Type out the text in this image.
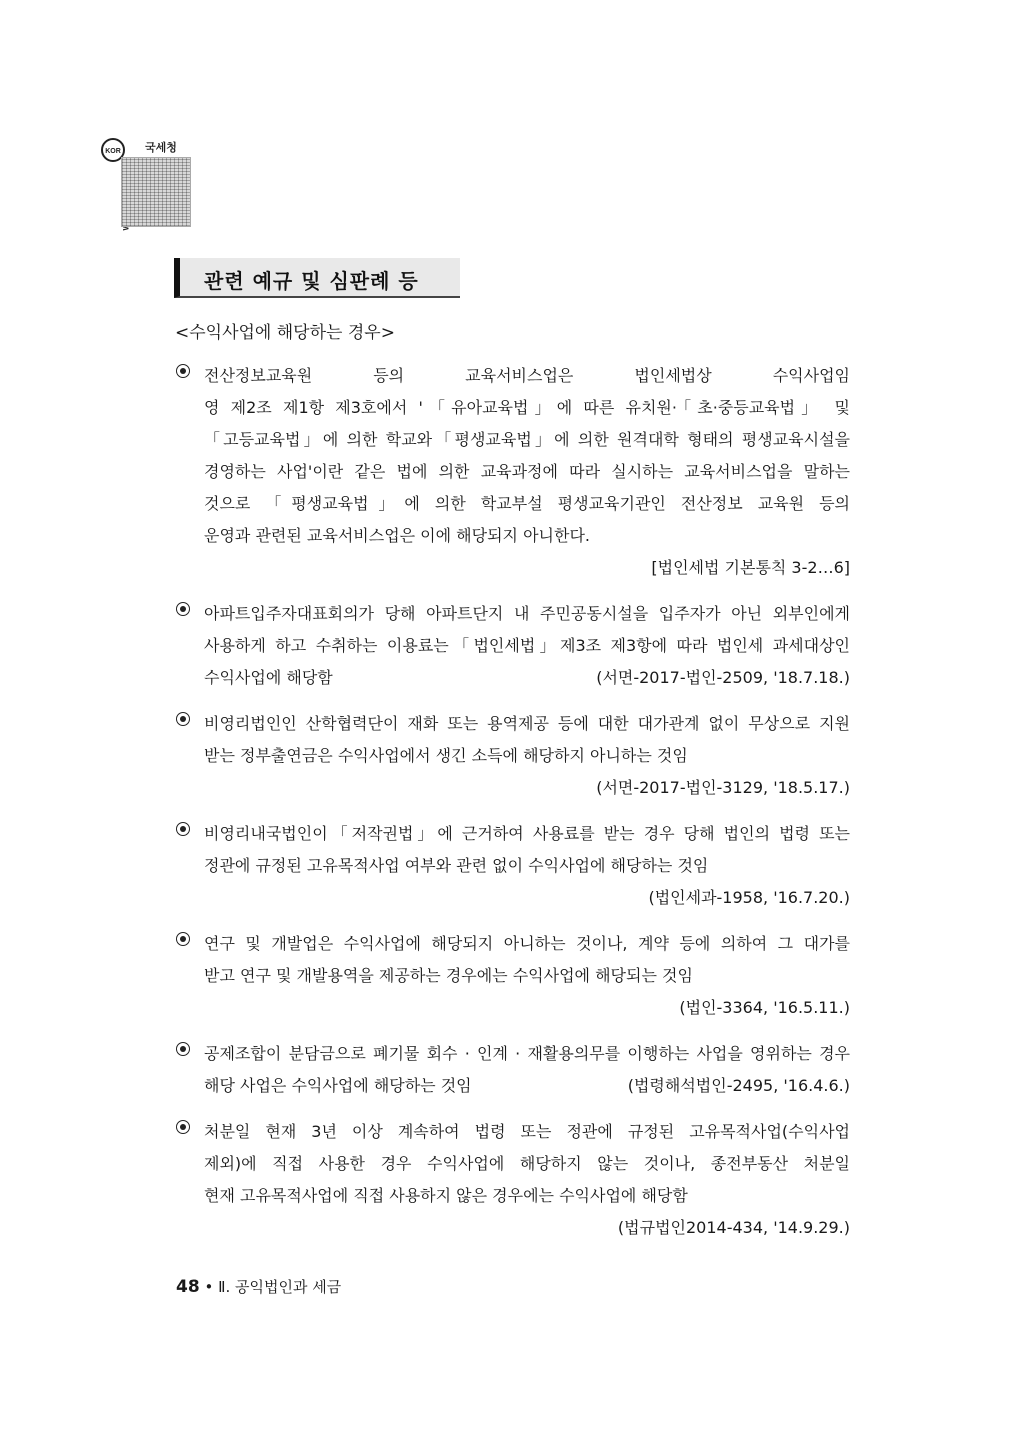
KOR 국세청
관련 예규 및 심판례 등
<수익사업에 해당하는 경우>
전산정보교육원 등의 교육서비스업은 법인세법상 수익사업임
영 제2조 제1항 제3호에서 '「유아교육법」에 따른 유치원·「초·중등교육법」 및
「고등교육법」에 의한 학교와「평생교육법」에 의한 원격대학 형태의 평생교육시설을
경영하는 사업'이란 같은 법에 의한 교육과정에 따라 실시하는 교육서비스업을 말하는
것으로 「평생교육법」에 의한 학교부설 평생교육기관인 전산정보 교육원 등의
운영과 관련된 교육서비스업은 이에 해당되지 아니한다.
[법인세법 기본통칙 3-2…6]
아파트입주자대표회의가 당해 아파트단지 내 주민공동시설을 입주자가 아닌 외부인에게
사용하게 하고 수취하는 이용료는「법인세법」제3조 제3항에 따라 법인세 과세대상인
수익사업에 해당함	(서면-2017-법인-2509, '18.7.18.)
비영리법인인 산학협력단이 재화 또는 용역제공 등에 대한 대가관계 없이 무상으로 지원
받는 정부출연금은 수익사업에서 생긴 소득에 해당하지 아니하는 것임
(서면-2017-법인-3129, '18.5.17.)
비영리내국법인이「저작권법」에 근거하여 사용료를 받는 경우 당해 법인의 법령 또는
정관에 규정된 고유목적사업 여부와 관련 없이 수익사업에 해당하는 것임
(법인세과-1958, '16.7.20.)
연구 및 개발업은 수익사업에 해당되지 아니하는 것이나, 계약 등에 의하여 그 대가를
받고 연구 및 개발용역을 제공하는 경우에는 수익사업에 해당되는 것임
(법인-3364, '16.5.11.)
공제조합이 분담금으로 폐기물 회수 · 인계 · 재활용의무를 이행하는 사업을 영위하는 경우
해당 사업은 수익사업에 해당하는 것임	(법령해석법인-2495, '16.4.6.)
처분일 현재 3년 이상 계속하여 법령 또는 정관에 규정된 고유목적사업(수익사업
제외)에 직접 사용한 경우 수익사업에 해당하지 않는 것이나, 종전부동산 처분일
현재 고유목적사업에 직접 사용하지 않은 경우에는 수익사업에 해당함
(법규법인2014-434, '14.9.29.)
48 • Ⅱ. 공익법인과 세금
